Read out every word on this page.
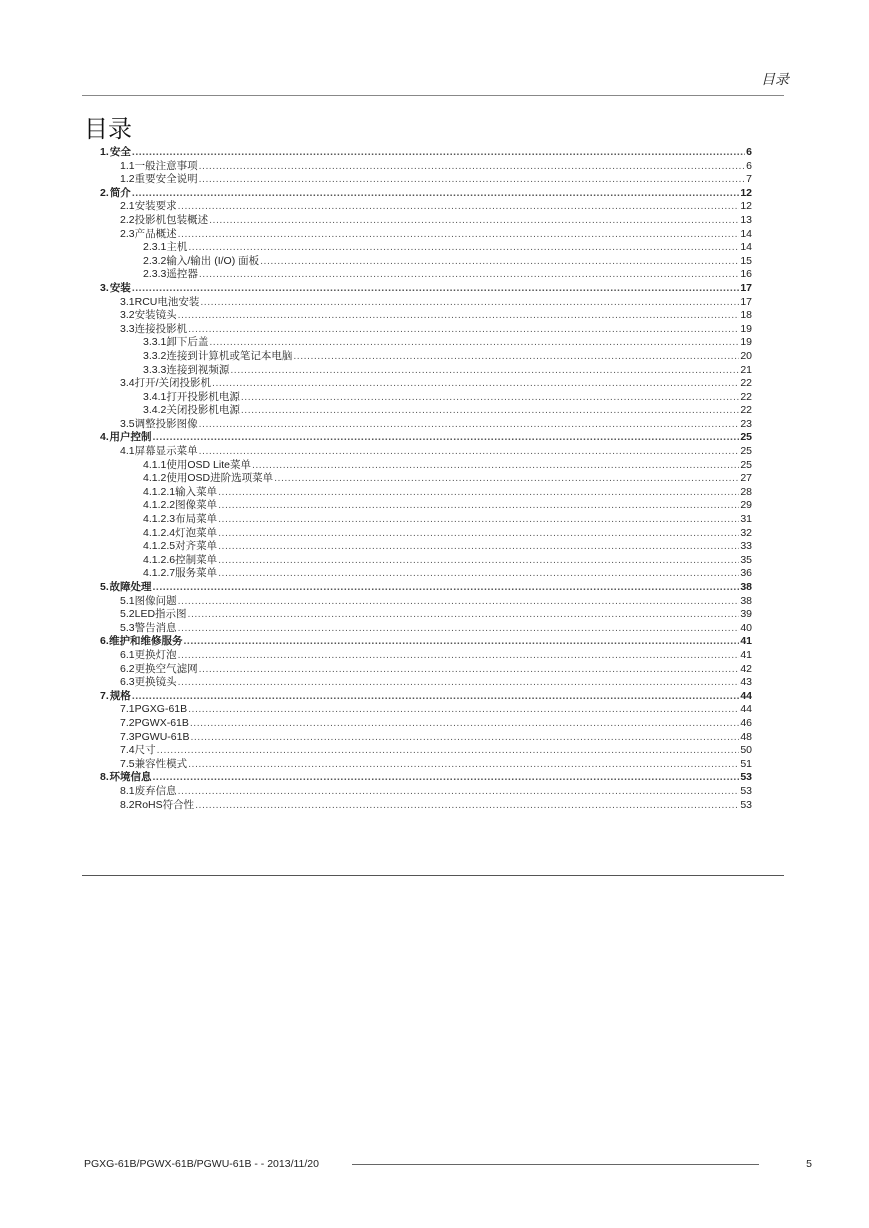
目录
目录
1. 安全 .....	6
1.1 一般注意事项 .....	6
1.2 重要安全说明 .....	7
2. 简介 .....	12
2.1 安装要求 .....	12
2.2 投影机包装概述 .....	13
2.3 产品概述 .....	14
2.3.1 主机 .....	14
2.3.2 输入/输出 (I/O) 面板 .....	15
2.3.3 遥控器 .....	16
3. 安装 .....	17
3.1 RCU电池安装 .....	17
3.2 安装镜头 .....	18
3.3 连接投影机 .....	19
3.3.1 卸下后盖 .....	19
3.3.2 连接到计算机或笔记本电脑 .....	20
3.3.3 连接到视频源 .....	21
3.4 打开/关闭投影机 .....	22
3.4.1 打开投影机电源 .....	22
3.4.2 关闭投影机电源 .....	22
3.5 调整投影图像 .....	23
4. 用户控制 .....	25
4.1 屏幕显示菜单 .....	25
4.1.1 使用OSD Lite菜单 .....	25
4.1.2 使用OSD进阶选项菜单 .....	27
4.1.2.1 输入菜单 .....	28
4.1.2.2 图像菜单 .....	29
4.1.2.3 布局菜单 .....	31
4.1.2.4 灯泡菜单 .....	32
4.1.2.5 对齐菜单 .....	33
4.1.2.6 控制菜单 .....	35
4.1.2.7 服务菜单 .....	36
5. 故障处理 .....	38
5.1 图像问题 .....	38
5.2 LED指示图 .....	39
5.3 警告消息 .....	40
6. 维护和维修服务 .....	41
6.1 更换灯泡 .....	41
6.2 更换空气滤网 .....	42
6.3 更换镜头 .....	43
7. 规格 .....	44
7.1 PGXG-61B .....	44
7.2 PGWX-61B .....	46
7.3 PGWU-61B .....	48
7.4 尺寸 .....	50
7.5 兼容性模式 .....	51
8. 环境信息 .....	53
8.1 废弃信息 .....	53
8.2 RoHS符合性 .....	53
PGXG-61B/PGWX-61B/PGWU-61B - - 2013/11/20	5
